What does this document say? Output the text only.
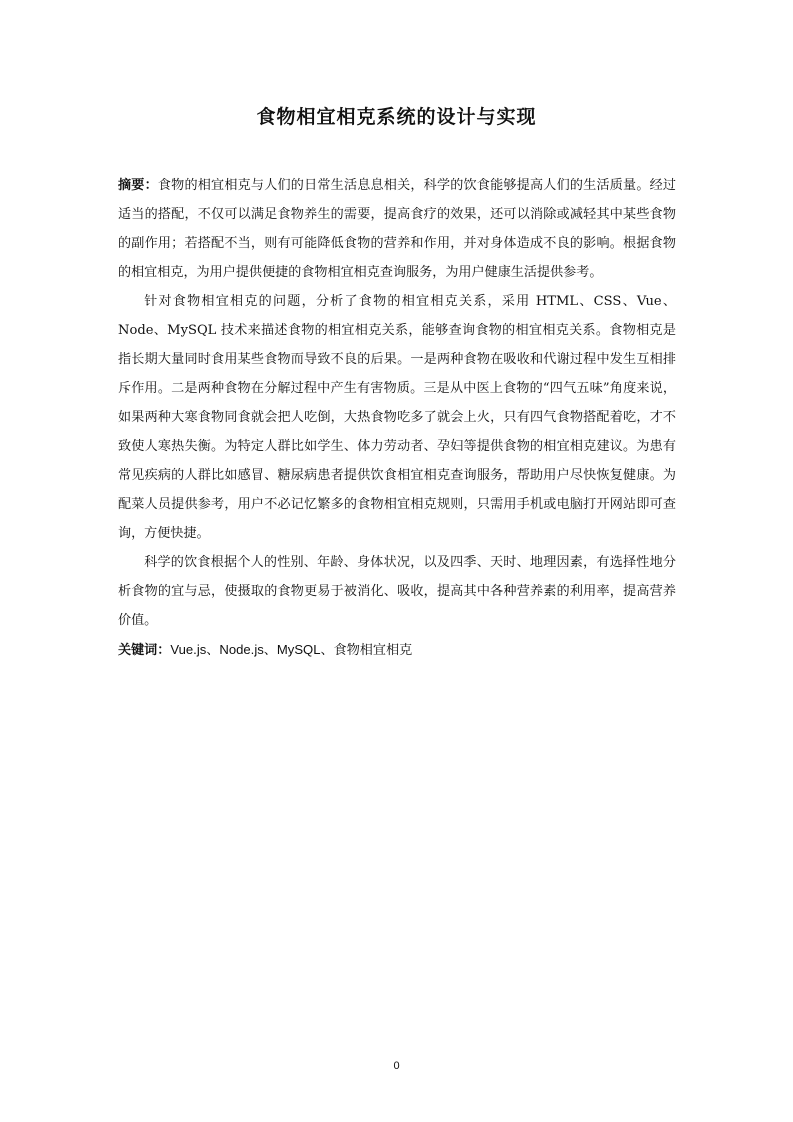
食物相宜相克系统的设计与实现

摘要：食物的相宜相克与人们的日常生活息息相关，科学的饮食能够提高人们的生活质量。经过适当的搭配，不仅可以满足食物养生的需要，提高食疗的效果，还可以消除或减轻其中某些食物的副作用；若搭配不当，则有可能降低食物的营养和作用，并对身体造成不良的影响。根据食物的相宜相克，为用户提供便捷的食物相宜相克查询服务，为用户健康生活提供参考。

针对食物相宜相克的问题，分析了食物的相宜相克关系，采用 HTML、CSS、Vue、Node、MySQL 技术来描述食物的相宜相克关系，能够查询食物的相宜相克关系。食物相克是指长期大量同时食用某些食物而导致不良的后果。一是两种食物在吸收和代谢过程中发生互相排斥作用。二是两种食物在分解过程中产生有害物质。三是从中医上食物的“四气五味”角度来说，如果两种大寒食物同食就会把人吃倒，大热食物吃多了就会上火，只有四气食物搭配着吃，才不致使人寒热失衡。为特定人群比如学生、体力劳动者、孕妇等提供食物的相宜相克建议。为患有常见疾病的人群比如感冒、糖尿病患者提供饮食相宜相克查询服务，帮助用户尽快恢复健康。为配菜人员提供参考，用户不必记忆繁多的食物相宜相克规则，只需用手机或电脑打开网站即可查询，方便快捷。

科学的饮食根据个人的性别、年龄、身体状况，以及四季、天时、地理因素，有选择性地分析食物的宜与忌，使摄取的食物更易于被消化、吸收，提高其中各种营养素的利用率，提高营养价值。

关键词：Vue.js、Node.js、MySQL、食物相宜相克

0
